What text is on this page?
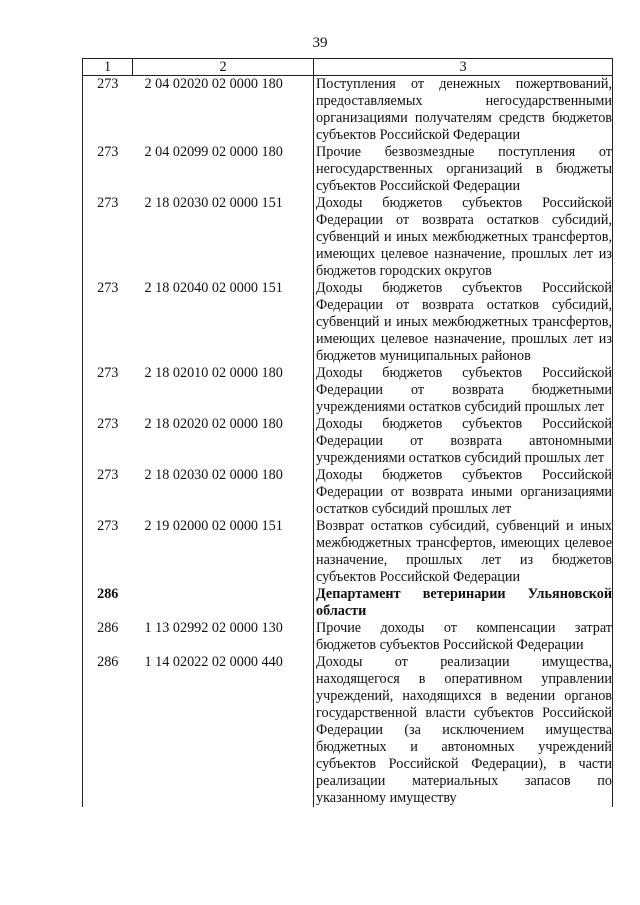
39
1	2	3
273	2 04 02020 02 0000 180	Поступления от денежных пожертвований, предоставляемых негосударственными организациями получателям средств бюджетов субъектов Российской Федерации

273	2 04 02099 02 0000 180	Прочие безвозмездные поступления от негосударственных организаций в бюджеты субъектов Российской Федерации

273	2 18 02030 02 0000 151	Доходы бюджетов субъектов Российской Федерации от возврата остатков субсидий, субвенций и иных межбюджетных трансфертов, имеющих целевое назначение, прошлых лет из бюджетов городских округов

273	2 18 02040 02 0000 151	Доходы бюджетов субъектов Российской Федерации от возврата остатков субсидий, субвенций и иных межбюджетных трансфертов, имеющих целевое назначение, прошлых лет из бюджетов муниципальных районов

273	2 18 02010 02 0000 180	Доходы бюджетов субъектов Российской Федерации от возврата бюджетными учреждениями остатков субсидий прошлых лет

273	2 18 02020 02 0000 180	Доходы бюджетов субъектов Российской Федерации от возврата автономными учреждениями остатков субсидий прошлых лет

273	2 18 02030 02 0000 180	Доходы бюджетов субъектов Российской Федерации от возврата иными организациями остатков субсидий прошлых лет

273	2 19 02000 02 0000 151	Возврат остатков субсидий, субвенций и иных межбюджетных трансфертов, имеющих целевое назначение, прошлых лет из бюджетов субъектов Российской Федерации

286		Департамент ветеринарии Ульяновской области

286	1 13 02992 02 0000 130	Прочие доходы от компенсации затрат бюджетов субъектов Российской Федерации

286	1 14 02022 02 0000 440	Доходы от реализации имущества, находящегося в оперативном управлении учреждений, находящихся в ведении органов государственной власти субъектов Российской Федерации (за исключением имущества бюджетных и автономных учреждений субъектов Российской Федерации), в части реализации материальных запасов по указанному имуществу
